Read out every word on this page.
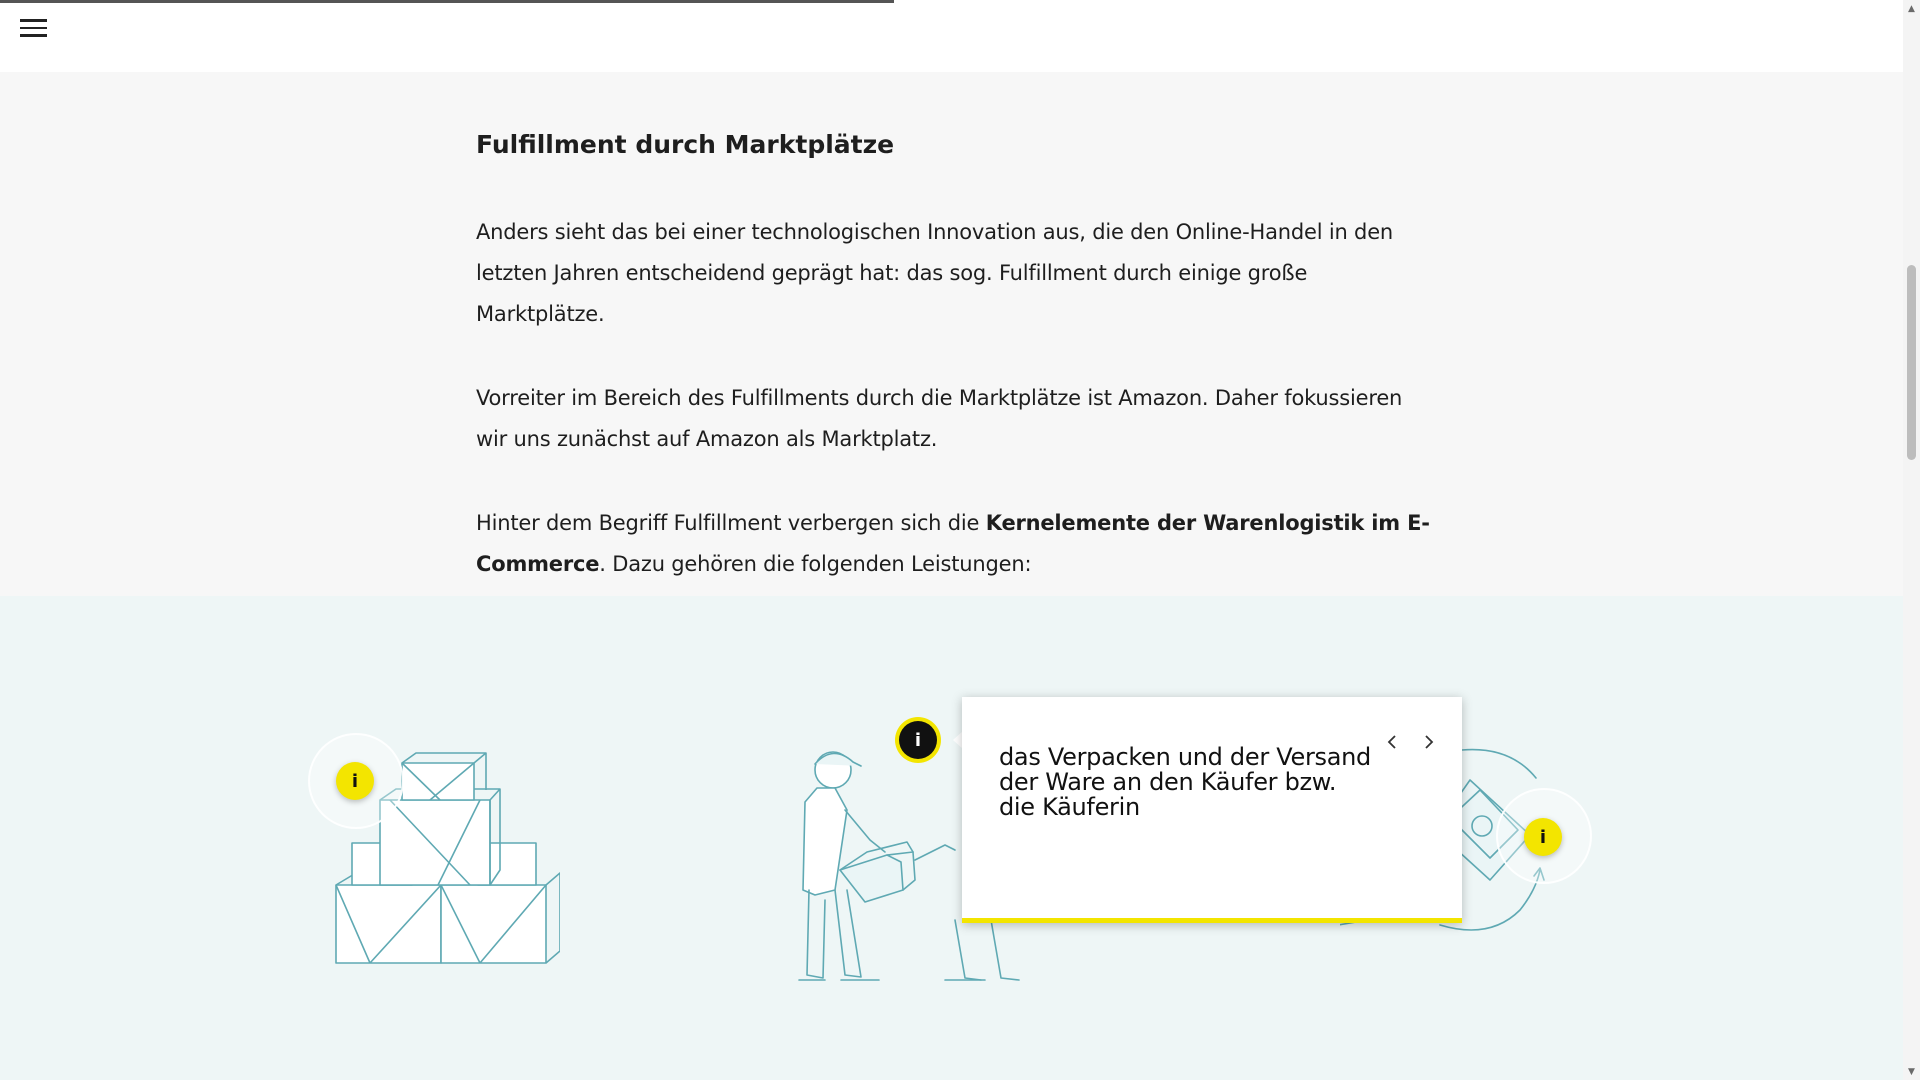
Fulfillment durch Marktplätze

Anders sieht das bei einer technologischen Innovation aus, die den Online-Handel in den letzten Jahren entscheidend geprägt hat: das sog. Fulfillment durch einige große Marktplätze.

Vorreiter im Bereich des Fulfillments durch die Marktplätze ist Amazon. Daher fokussieren wir uns zunächst auf Amazon als Marktplatz.

Hinter dem Begriff Fulfillment verbergen sich die Kernelemente der Warenlogistik im E-Commerce. Dazu gehören die folgenden Leistungen:

i
i
i
das Verpacken und der Versand der Ware an den Käufer bzw. die Käuferin
▲
▼
